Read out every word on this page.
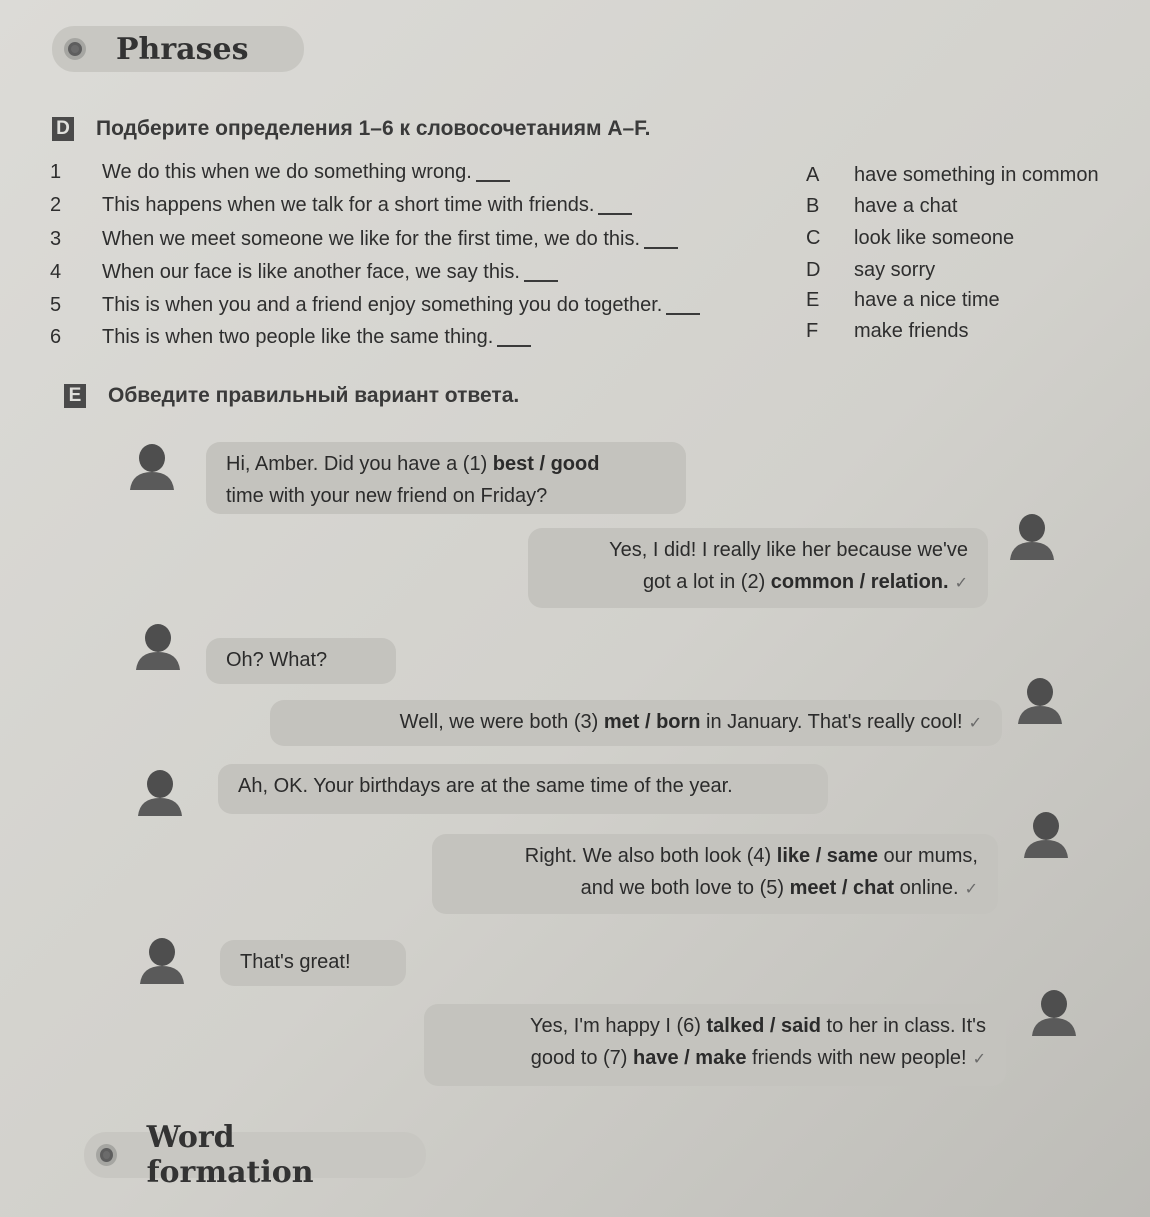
Phrases
D Подберите определения 1–6 к словосочетаниям A–F.
1	We do this when we do something wrong.
2	This happens when we talk for a short time with friends.
3	When we meet someone we like for the first time, we do this.
4	When our face is like another face, we say this.
5	This is when you and a friend enjoy something you do together.
6	This is when two people like the same thing.
A	have something in common
B	have a chat
C	look like someone
D	say sorry
E	have a nice time
F	make friends
E Обведите правильный вариант ответа.
Hi, Amber. Did you have a (1) best / good
time with your new friend on Friday?
Yes, I did! I really like her because we've
got a lot in (2) common / relation. ✓
Oh? What?
Well, we were both (3) met / born in January. That's really cool! ✓
Ah, OK. Your birthdays are at the same time of the year.
Right. We also both look (4) like / same our mums,
and we both love to (5) meet / chat online. ✓
That's great!
Yes, I'm happy I (6) talked / said to her in class. It's
good to (7) have / make friends with new people! ✓
Word formation
